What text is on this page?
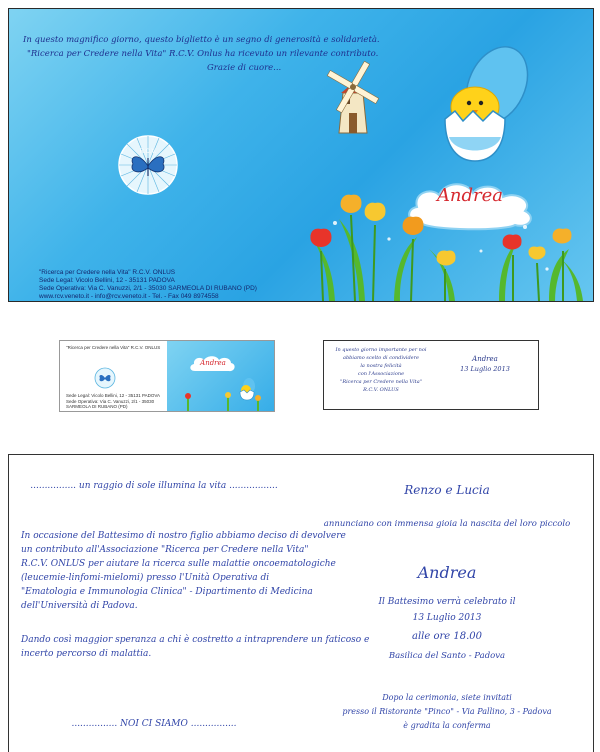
In questo magnifico giorno, questo biglietto è un segno di generosità e solidarietà.
"Ricerca per Credere nella Vita" R.C.V. Onlus ha ricevuto un rilevante contributo.
Grazie di cuore...
R.C.V.
"Ricerca per Credere nella Vita" R.C.V. ONLUS
Sede Legal: Vicolo Bellini, 12 - 35131 PADOVA
Sede Operativa: Via C. Vanuzzi, 2/1 - 35030 SARMEOLA DI RUBANO (PD)
www.rcv.veneto.it - info@rcv.veneto.it - Tel. - Fax 049 8974558
Andrea
"Ricerca per Credere nella Vita" R.C.V. ONLUS
Sede Legal: Vicolo Bellini, 12 - 35131 PADOVA
Sede Operativa: Via C. Vanuzzi, 2/1 - 35030 SARMEOLA DI RUBANO (PD)
Andrea
In questo giorno importante per noi
abbiamo scelto di condividere
la nostra felicità
con l'Associazione
"Ricerca per Credere nella Vita"
R.C.V. ONLUS
Andrea
13 Luglio 2013
................ un raggio di sole illumina la vita .................
In occasione del Battesimo di nostro figlio abbiamo deciso di devolvere
un contributo all'Associazione "Ricerca per Credere nella Vita"
R.C.V. ONLUS per aiutare la ricerca sulle malattie oncoematologiche
(leucemie-linfomi-mielomi) presso l'Unità Operativa di
"Ematologia e Immunologia Clinica" - Dipartimento di Medicina
dell'Università di Padova.
Dando così maggior speranza a chi è costretto a intraprendere un faticoso e
incerto percorso di malattia.
................ NOI CI SIAMO ................
Renzo e Lucia
annunciano con immensa gioia la nascita del loro piccolo
Andrea
Il Battesimo verrà celebrato il
13 Luglio 2013
alle ore 18.00
Basilica del Santo - Padova
Dopo la cerimonia, siete invitati
presso il Ristorante "Pinco" - Via Pallino, 3 - Padova
è gradita la conferma
